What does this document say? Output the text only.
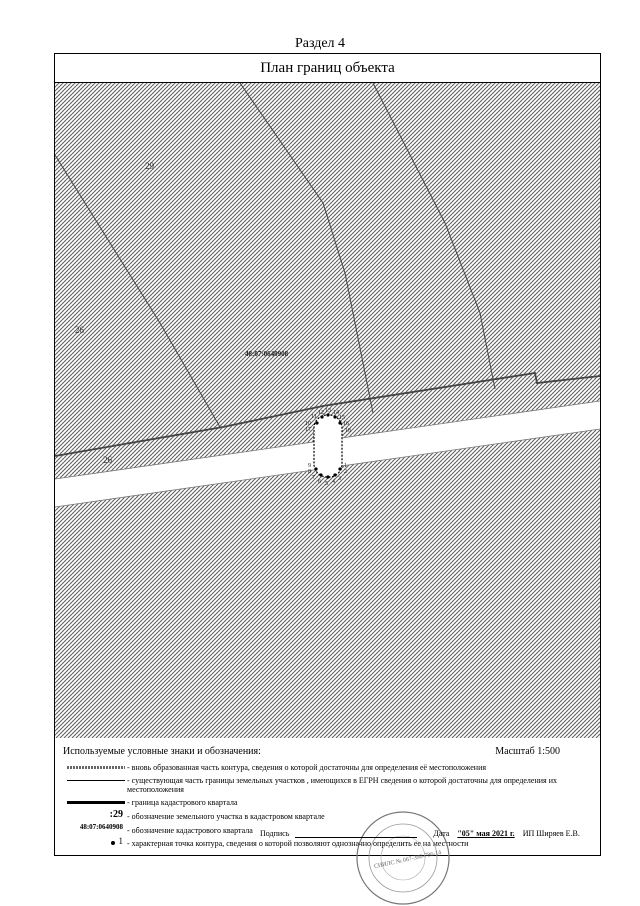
Раздел 4
План границ объекта
29
26
26
48:07:0640908
10
11
12 13 14
15
16
17	18
1
2
3
4
5
6
7
8
9
Используемые условные знаки и обозначения:	Масштаб 1:500
- вновь образованная часть контура, сведения о которой достаточны для определения её местоположения
- существующая часть границы земельных участков , имеющихся в ЕГРН сведения о которой достаточны для определения их местоположения
- граница кадастрового квартала
:29 - обозначение земельного участка в кадастровом квартале
48:07:0640908 - обозначение кадастрового квартала
1 - характерная точка контура, сведения о которой позволяют однозначно определить ее на местности
СНИЛС № 067-390-786-14
Подпись	Дата "05" мая 2021 г. ИП Ширяев Е.В.
